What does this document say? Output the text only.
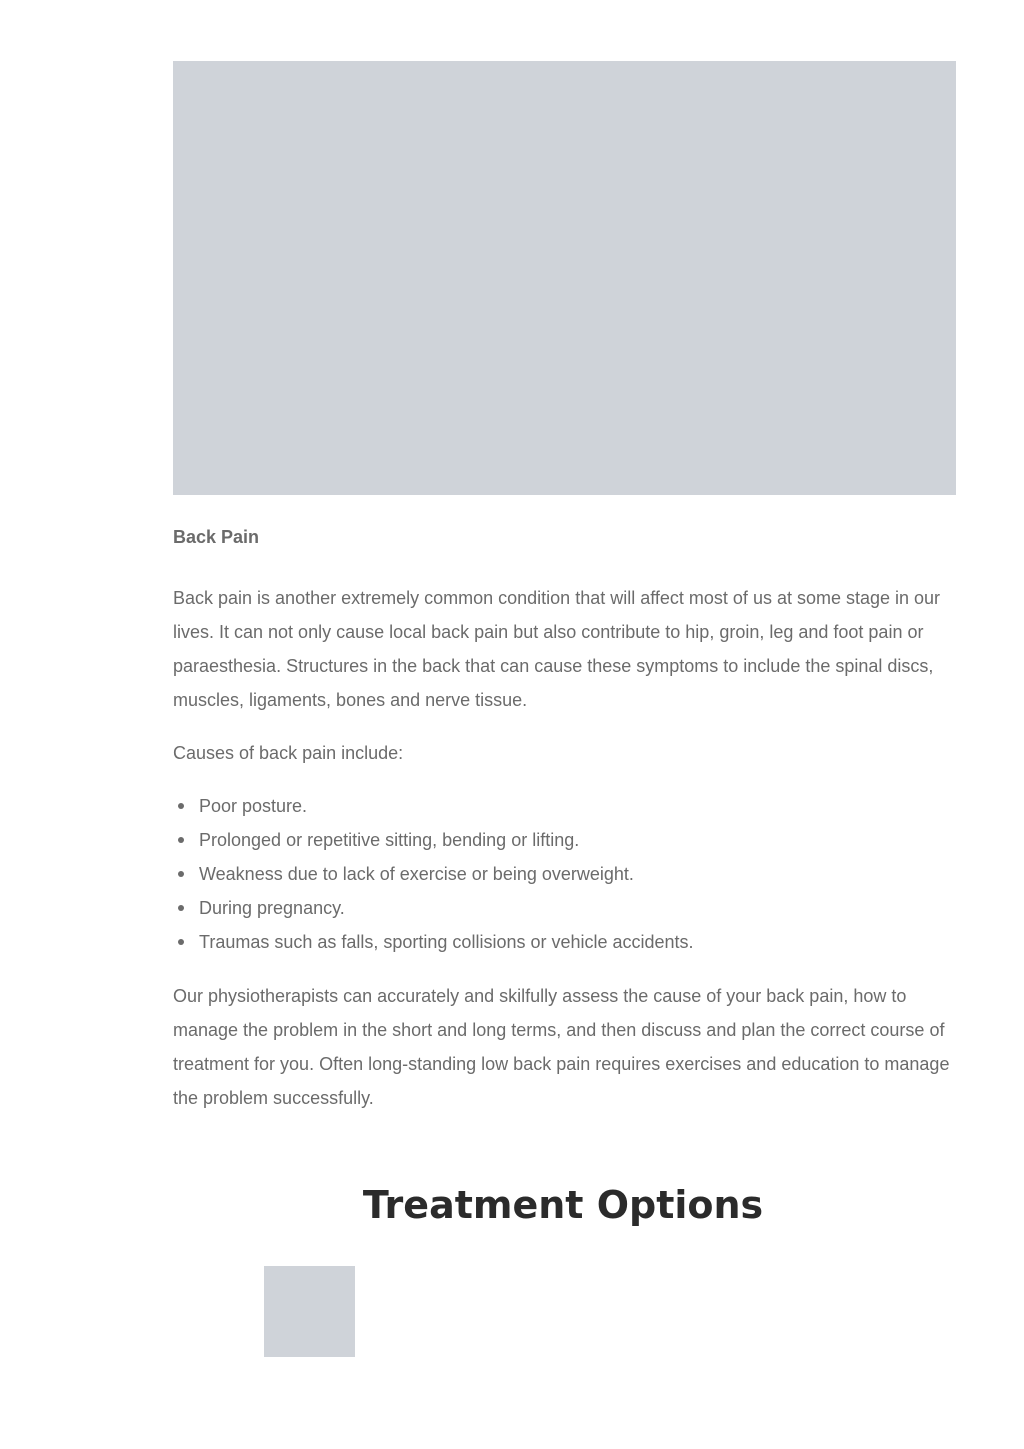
Back Pain

Back pain is another extremely common condition that will affect most of us at some stage in our lives. It can not only cause local back pain but also contribute to hip, groin, leg and foot pain or paraesthesia. Structures in the back that can cause these symptoms to include the spinal discs, muscles, ligaments, bones and nerve tissue.

Causes of back pain include:

Poor posture.
Prolonged or repetitive sitting, bending or lifting.
Weakness due to lack of exercise or being overweight.
During pregnancy.
Traumas such as falls, sporting collisions or vehicle accidents.

Our physiotherapists can accurately and skilfully assess the cause of your back pain, how to manage the problem in the short and long terms, and then discuss and plan the correct course of treatment for you. Often long-standing low back pain requires exercises and education to manage the problem successfully.

Treatment Options
